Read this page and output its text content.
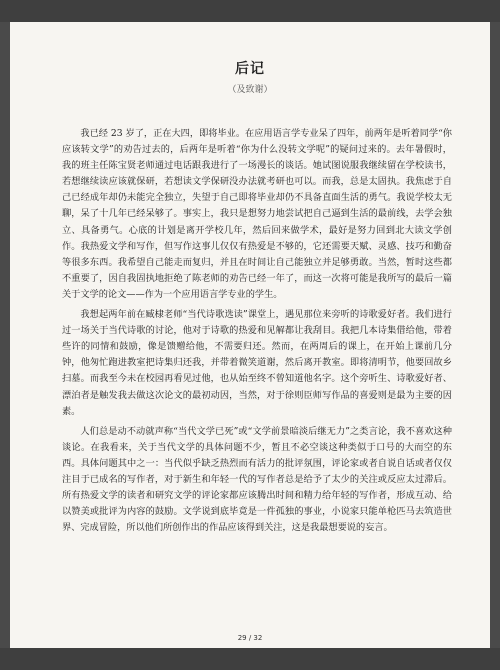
后记
（及致谢）

我已经 23 岁了，正在大四，即将毕业。在应用语言学专业呆了四年，前两年是听着同学“你应该转文学”的劝告过去的，后两年是听着“你为什么没转文学呢”的疑问过来的。去年暑假时，我的班主任陈宝贤老师通过电话跟我进行了一场漫长的谈话。她试图说服我继续留在学校读书，若想继续读应该就保研，若想读文学保研没办法就考研也可以。而我，总是太固执。我焦虑于自己已经成年却仍未能完全独立，失望于自己即将毕业却仍不具备直面生活的勇气。我说学校太无聊，呆了十几年已经呆够了。事实上，我只是想努力地尝试把自己逼到生活的最前线，去学会独立、具备勇气。心底的计划是离开学校几年，然后回来做学术，最好是努力回到北大读文学创作。我热爱文学和写作，但写作这事儿仅仅有热爱是不够的，它还需要天赋、灵感、技巧和勤奋等很多东西。我希望自己能走而复归，并且在时间让自己能独立并足够勇敢。当然，暂时这些都不重要了，因自我固执地拒绝了陈老师的劝告已经一年了，而这一次将可能是我所写的最后一篇关于文学的论文——作为一个应用语言学专业的学生。

我想起两年前在臧棣老师“当代诗歌选读”课堂上，遇见那位来旁听的诗歌爱好者。我们进行过一场关于当代诗歌的讨论，他对于诗歌的热爱和见解都让我刮目。我把几本诗集借给他，带着些许的同情和鼓励，像是馈赠给他，不需要归还。然而，在两周后的课上，在开始上课前几分钟，他匆忙跑进教室把诗集归还我，并带着微笑道谢，然后离开教室。即将清明节，他要回故乡扫墓。而我至今未在校园再看见过他，也从始至终不曾知道他名字。这个旁听生、诗歌爱好者、漂泊者是触发我去做这次论文的最初动因，当然，对于徐则臣师写作品的喜爱则是最为主要的因素。

人们总是动不动就声称“当代文学已死”或“文学前景暗淡后继无力”之类言论，我不喜欢这种谈论。在我看来，关于当代文学的具体问题不少，暂且不必空谈这种类似于口号的大而空的东西。具体问题其中之一：当代似乎缺乏热烈而有活力的批评氛围，评论家或者自说自话或者仅仅注目于已成名的写作者，对于新生和年轻一代的写作者总是给予了太少的关注或反应太过滞后。所有热爱文学的读者和研究文学的评论家都应该腾出时间和精力给年轻的写作者，形成互动、给以赞美或批评为内容的鼓励。文学说到底毕竟是一件孤独的事业，小说家只能单枪匹马去筑造世界、完成冒险，所以他们所创作出的作品应该得到关注，这是我最想要说的妄言。

29 / 32
